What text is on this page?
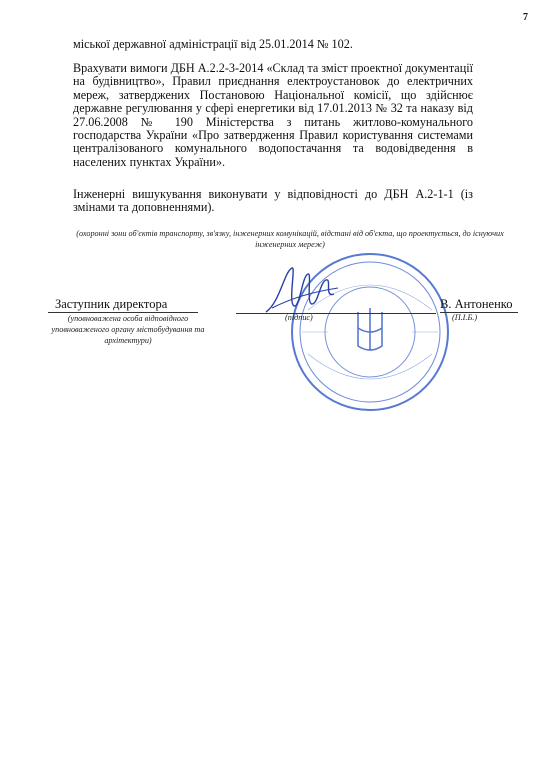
7

міської державної адміністрації від 25.01.2014 № 102.

Врахувати вимоги ДБН А.2.2-3-2014 «Склад та зміст проектної документації на будівництво», Правил приєднання електроустановок до електричних мереж, затверджених Постановою Національної комісії, що здійснює державне регулювання у сфері енергетики від 17.01.2013 № 32 та наказу від 27.06.2008 № 190 Міністерства з питань житлово-комунального господарства України «Про затвердження Правил користування системами централізованого комунального водопостачання та водовідведення в населених пунктах України».

Інженерні вишукування виконувати у відповідності до ДБН А.2-1-1 (із змінами та доповненнями).

(охоронні зони об'єктів транспорту, зв'язку, інженерних комунікацій, відстані від об'єкта, що проектується, до існуючих інженерних мереж)
Заступник директора
(уповноважена особа відповідного уповноваженого органу містобудування та архітектури)
(підпис)
В. Антоненко
(П.І.Б.)
